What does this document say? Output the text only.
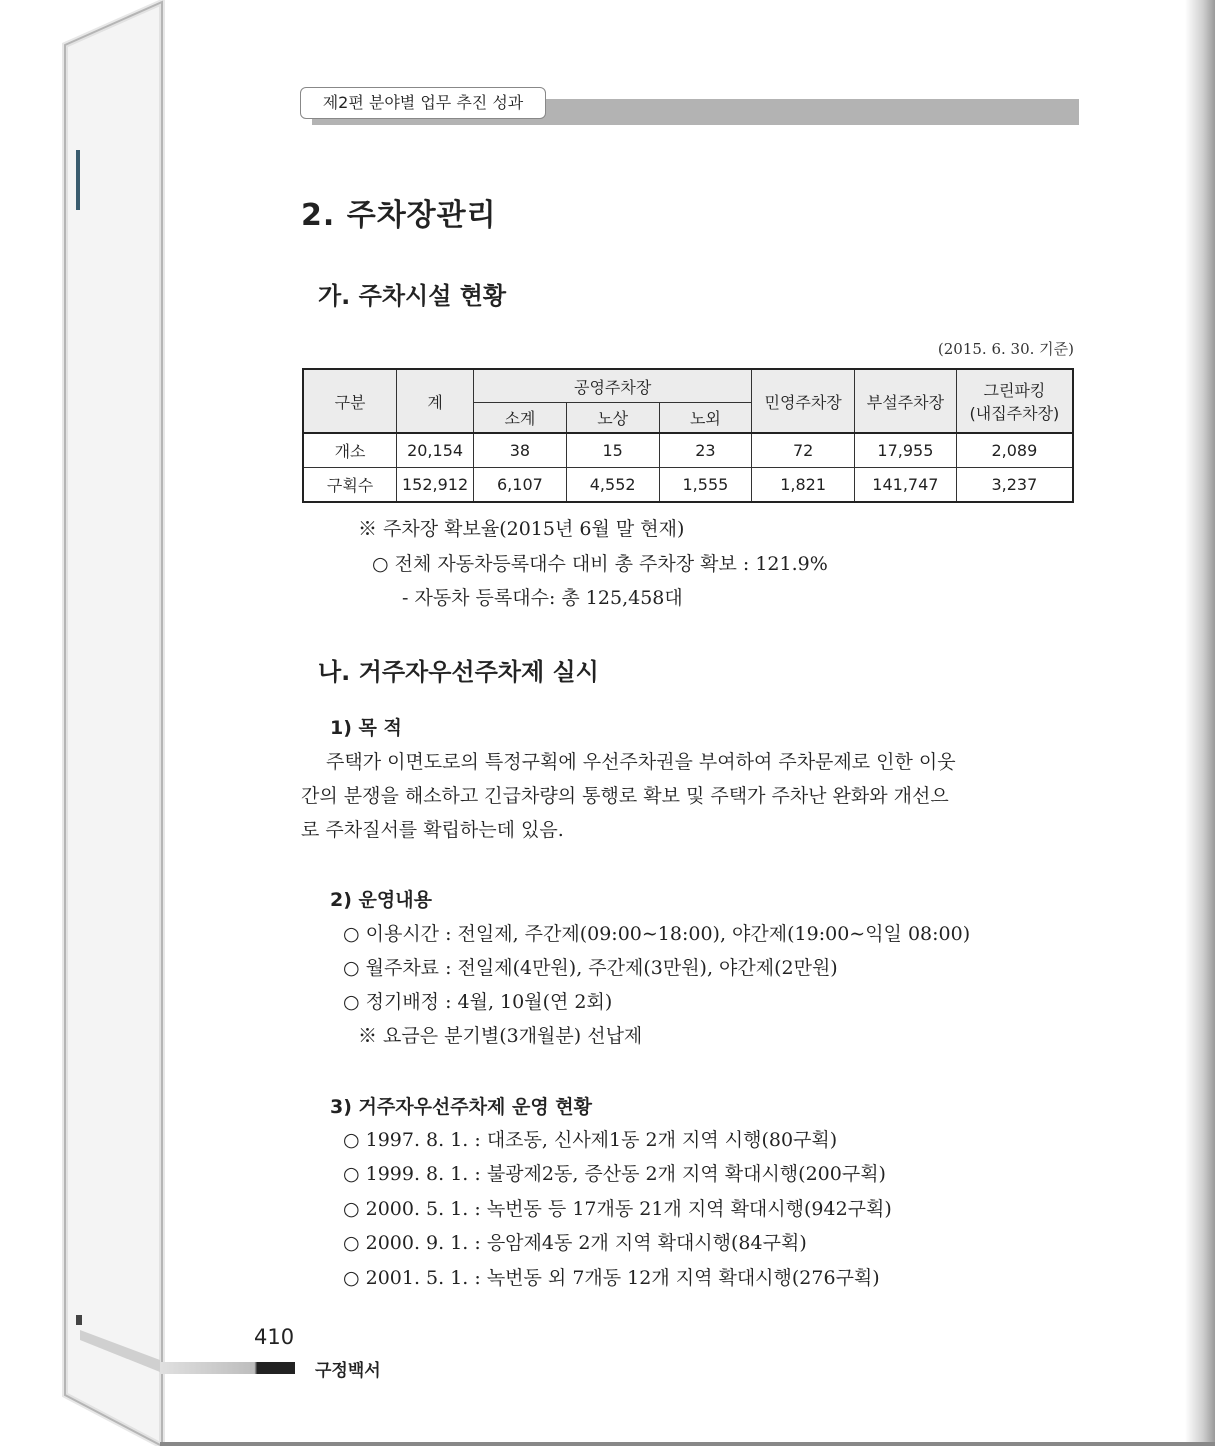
제2편 분야별 업무 추진 성과
2. 주차장관리
가. 주차시설 현황
(2015. 6. 30. 기준)
구분	계	공영주차장			민영주차장	부설주차장	그린파킹
(내집주차장)

		소계	노상	노외			
개소	20,154	38	15	23	72	17,955	2,089
구획수	152,912	6,107	4,552	1,555	1,821	141,747	3,237
※ 주차장 확보율(2015년 6월 말 현재)
○ 전체 자동차등록대수 대비 총 주차장 확보 : 121.9%
- 자동차 등록대수: 총 125,458대
나. 거주자우선주차제 실시
1) 목 적
주택가 이면도로의 특정구획에 우선주차권을 부여하여 주차문제로 인한 이웃
간의 분쟁을 해소하고 긴급차량의 통행로 확보 및 주택가 주차난 완화와 개선으
로 주차질서를 확립하는데 있음.
2) 운영내용
○ 이용시간 : 전일제, 주간제(09:00∼18:00), 야간제(19:00∼익일 08:00)
○ 월주차료 : 전일제(4만원), 주간제(3만원), 야간제(2만원)
○ 정기배정 : 4월, 10월(연 2회)
※ 요금은 분기별(3개월분) 선납제
3) 거주자우선주차제 운영 현황
○ 1997. 8. 1. : 대조동, 신사제1동 2개 지역 시행(80구획)
○ 1999. 8. 1. : 불광제2동, 증산동 2개 지역 확대시행(200구획)
○ 2000. 5. 1. : 녹번동 등 17개동 21개 지역 확대시행(942구획)
○ 2000. 9. 1. : 응암제4동 2개 지역 확대시행(84구획)
○ 2001. 5. 1. : 녹번동 외 7개동 12개 지역 확대시행(276구획)
410
구정백서
